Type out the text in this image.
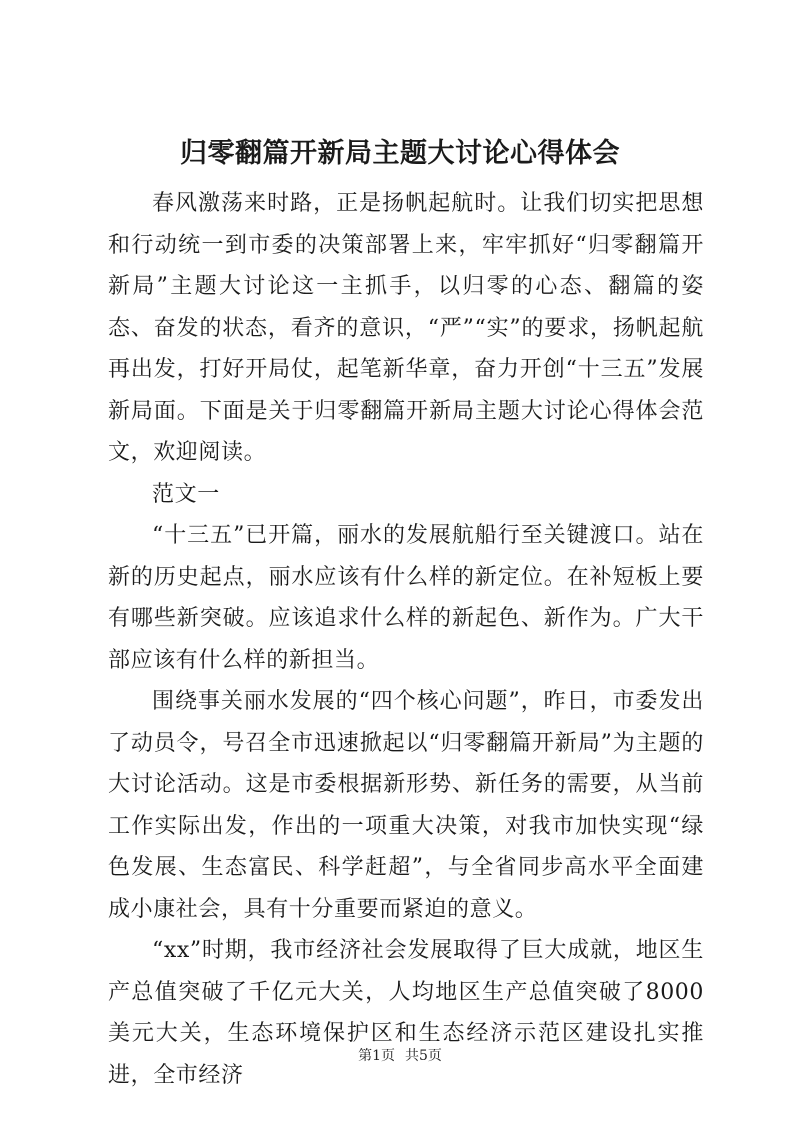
归零翻篇开新局主题大讨论心得体会

春风激荡来时路，正是扬帆起航时。让我们切实把思想和行动统一到市委的决策部署上来，牢牢抓好“归零翻篇开新局”主题大讨论这一主抓手，以归零的心态、翻篇的姿态、奋发的状态，看齐的意识，“严”“实”的要求，扬帆起航再出发，打好开局仗，起笔新华章，奋力开创“十三五”发展新局面。下面是关于归零翻篇开新局主题大讨论心得体会范文，欢迎阅读。

范文一

“十三五”已开篇，丽水的发展航船行至关键渡口。站在新的历史起点，丽水应该有什么样的新定位。在补短板上要有哪些新突破。应该追求什么样的新起色、新作为。广大干部应该有什么样的新担当。

围绕事关丽水发展的“四个核心问题”，昨日，市委发出了动员令，号召全市迅速掀起以“归零翻篇开新局”为主题的大讨论活动。这是市委根据新形势、新任务的需要，从当前工作实际出发，作出的一项重大决策，对我市加快实现“绿色发展、生态富民、科学赶超”，与全省同步高水平全面建成小康社会，具有十分重要而紧迫的意义。

“xx”时期，我市经济社会发展取得了巨大成就，地区生产总值突破了千亿元大关，人均地区生产总值突破了8000美元大关，生态环境保护区和生态经济示范区建设扎实推进，全市经济

第1页 共5页
